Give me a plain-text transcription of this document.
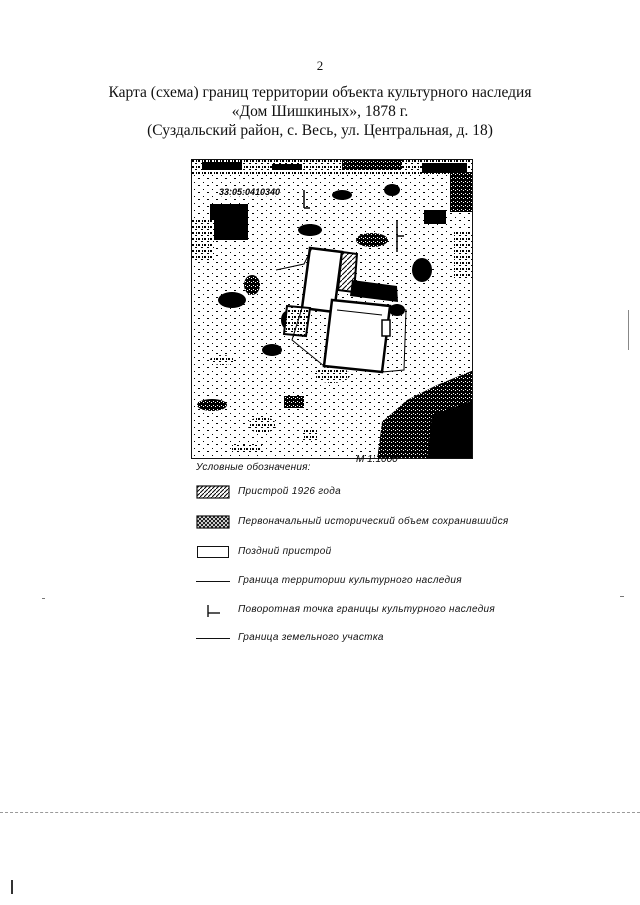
2
Карта (схема) границ территории объекта культурного наследия
«Дом Шишкиных», 1878 г.
(Суздальский район, с. Весь, ул. Центральная, д. 18)
33:05:0410340
М 1:1000
Условные обозначения:
Пристрой 1926 года
Первоначальный исторический объем сохранившийся
Поздний пристрой
Граница территории культурного наследия
Поворотная точка границы культурного наследия
Граница земельного участка
